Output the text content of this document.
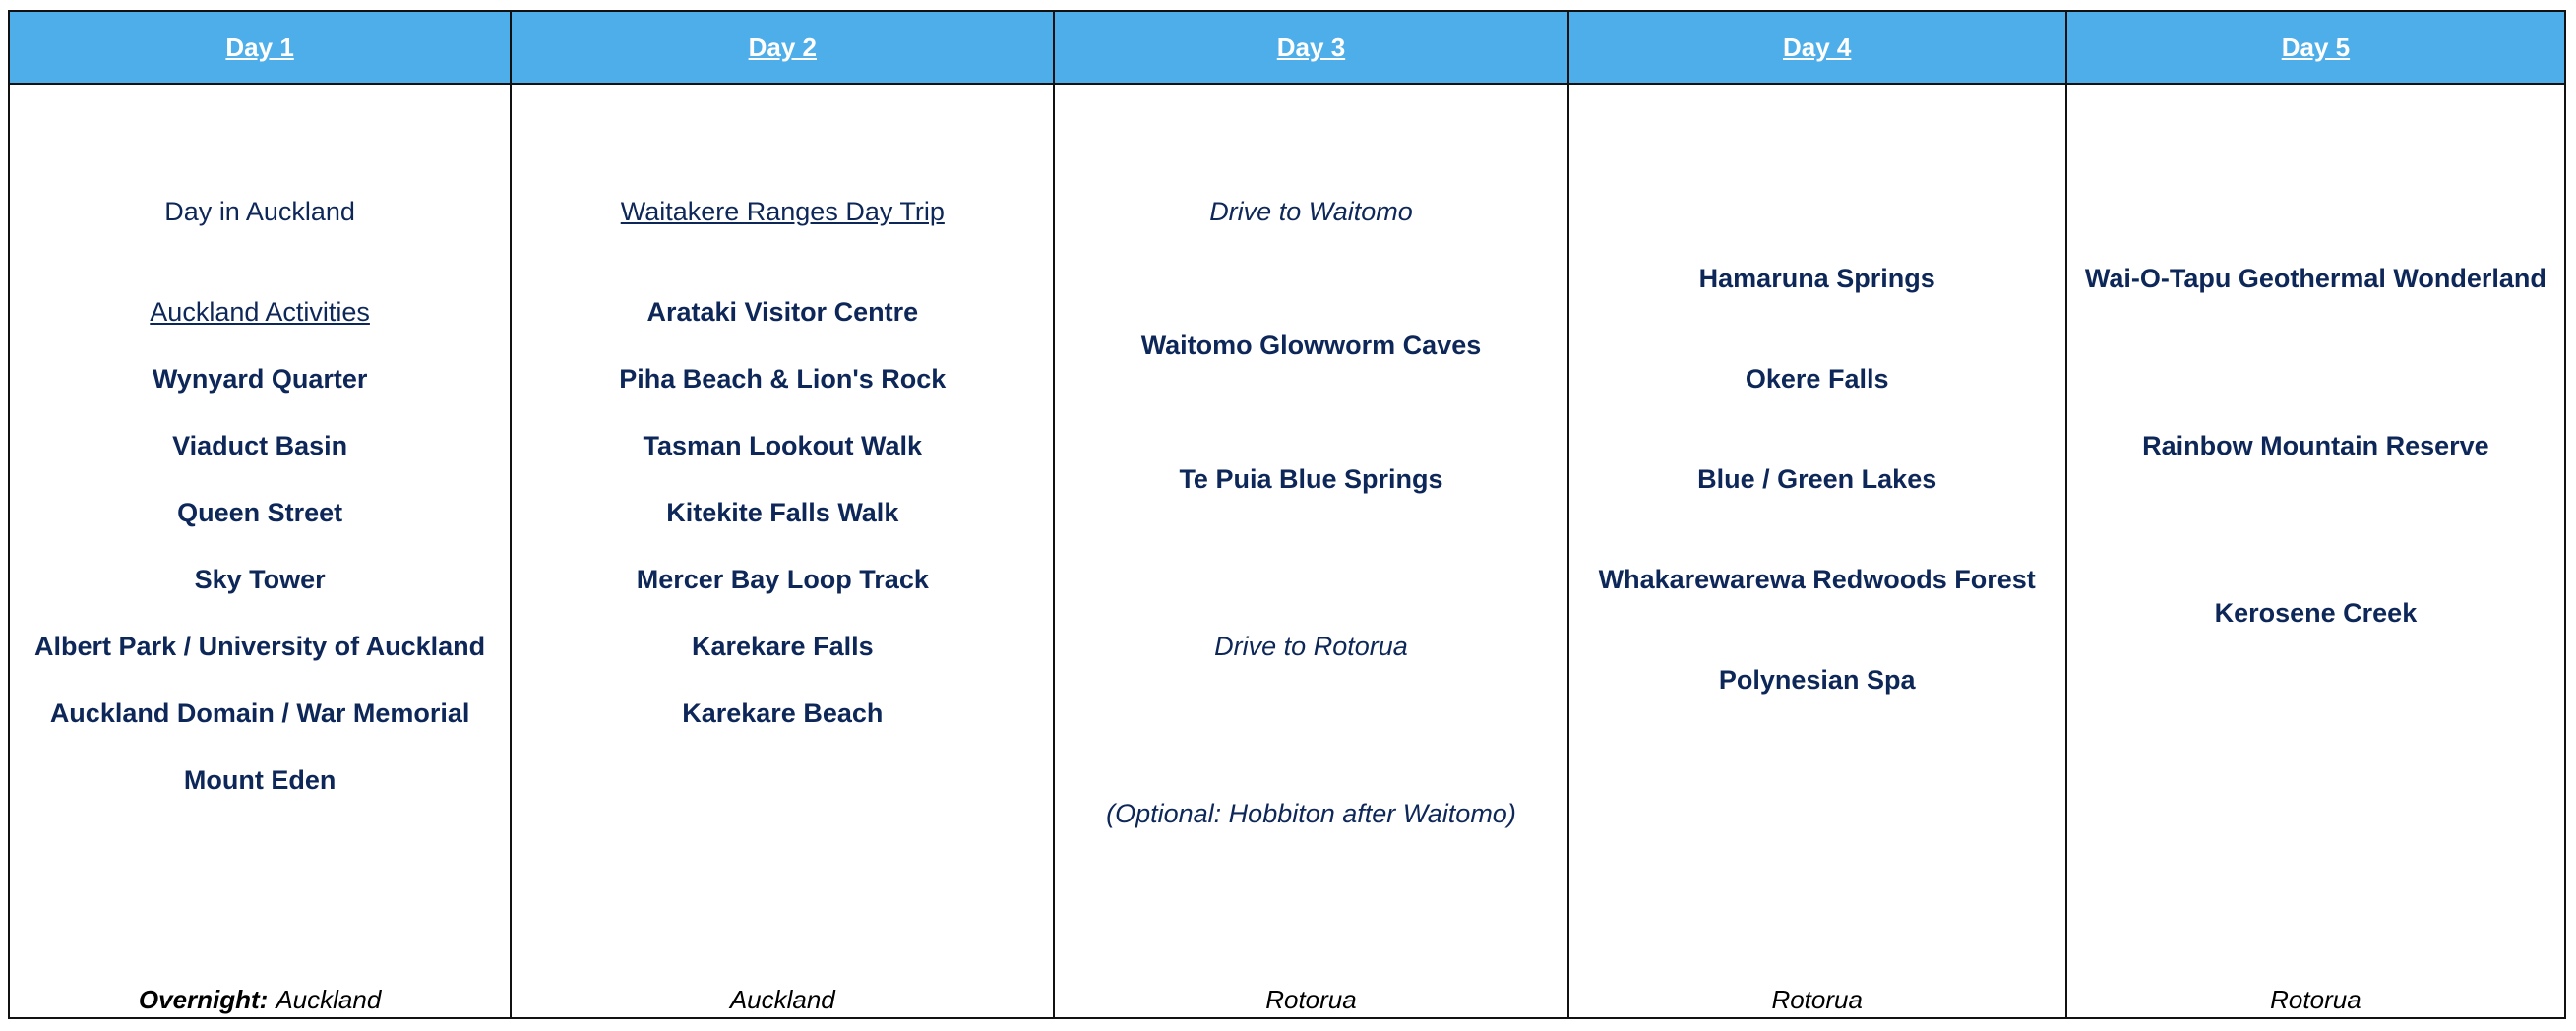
Day 1
Day in Auckland
Auckland Activities
Wynyard Quarter
Viaduct Basin
Queen Street
Sky Tower
Albert Park / University of Auckland
Auckland Domain / War Memorial
Mount Eden
Overnight: Auckland
Day 2
Waitakere Ranges Day Trip
Arataki Visitor Centre
Piha Beach & Lion's Rock
Tasman Lookout Walk
Kitekite Falls Walk
Mercer Bay Loop Track
Karekare Falls
Karekare Beach
Auckland
Day 3
Drive to Waitomo
Waitomo Glowworm Caves
Te Puia Blue Springs
Drive to Rotorua
(Optional: Hobbiton after Waitomo)
Rotorua
Day 4
Hamaruna Springs
Okere Falls
Blue / Green Lakes
Whakarewarewa Redwoods Forest
Polynesian Spa
Rotorua
Day 5
Wai-O-Tapu Geothermal Wonderland
Rainbow Mountain Reserve
Kerosene Creek
Rotorua
